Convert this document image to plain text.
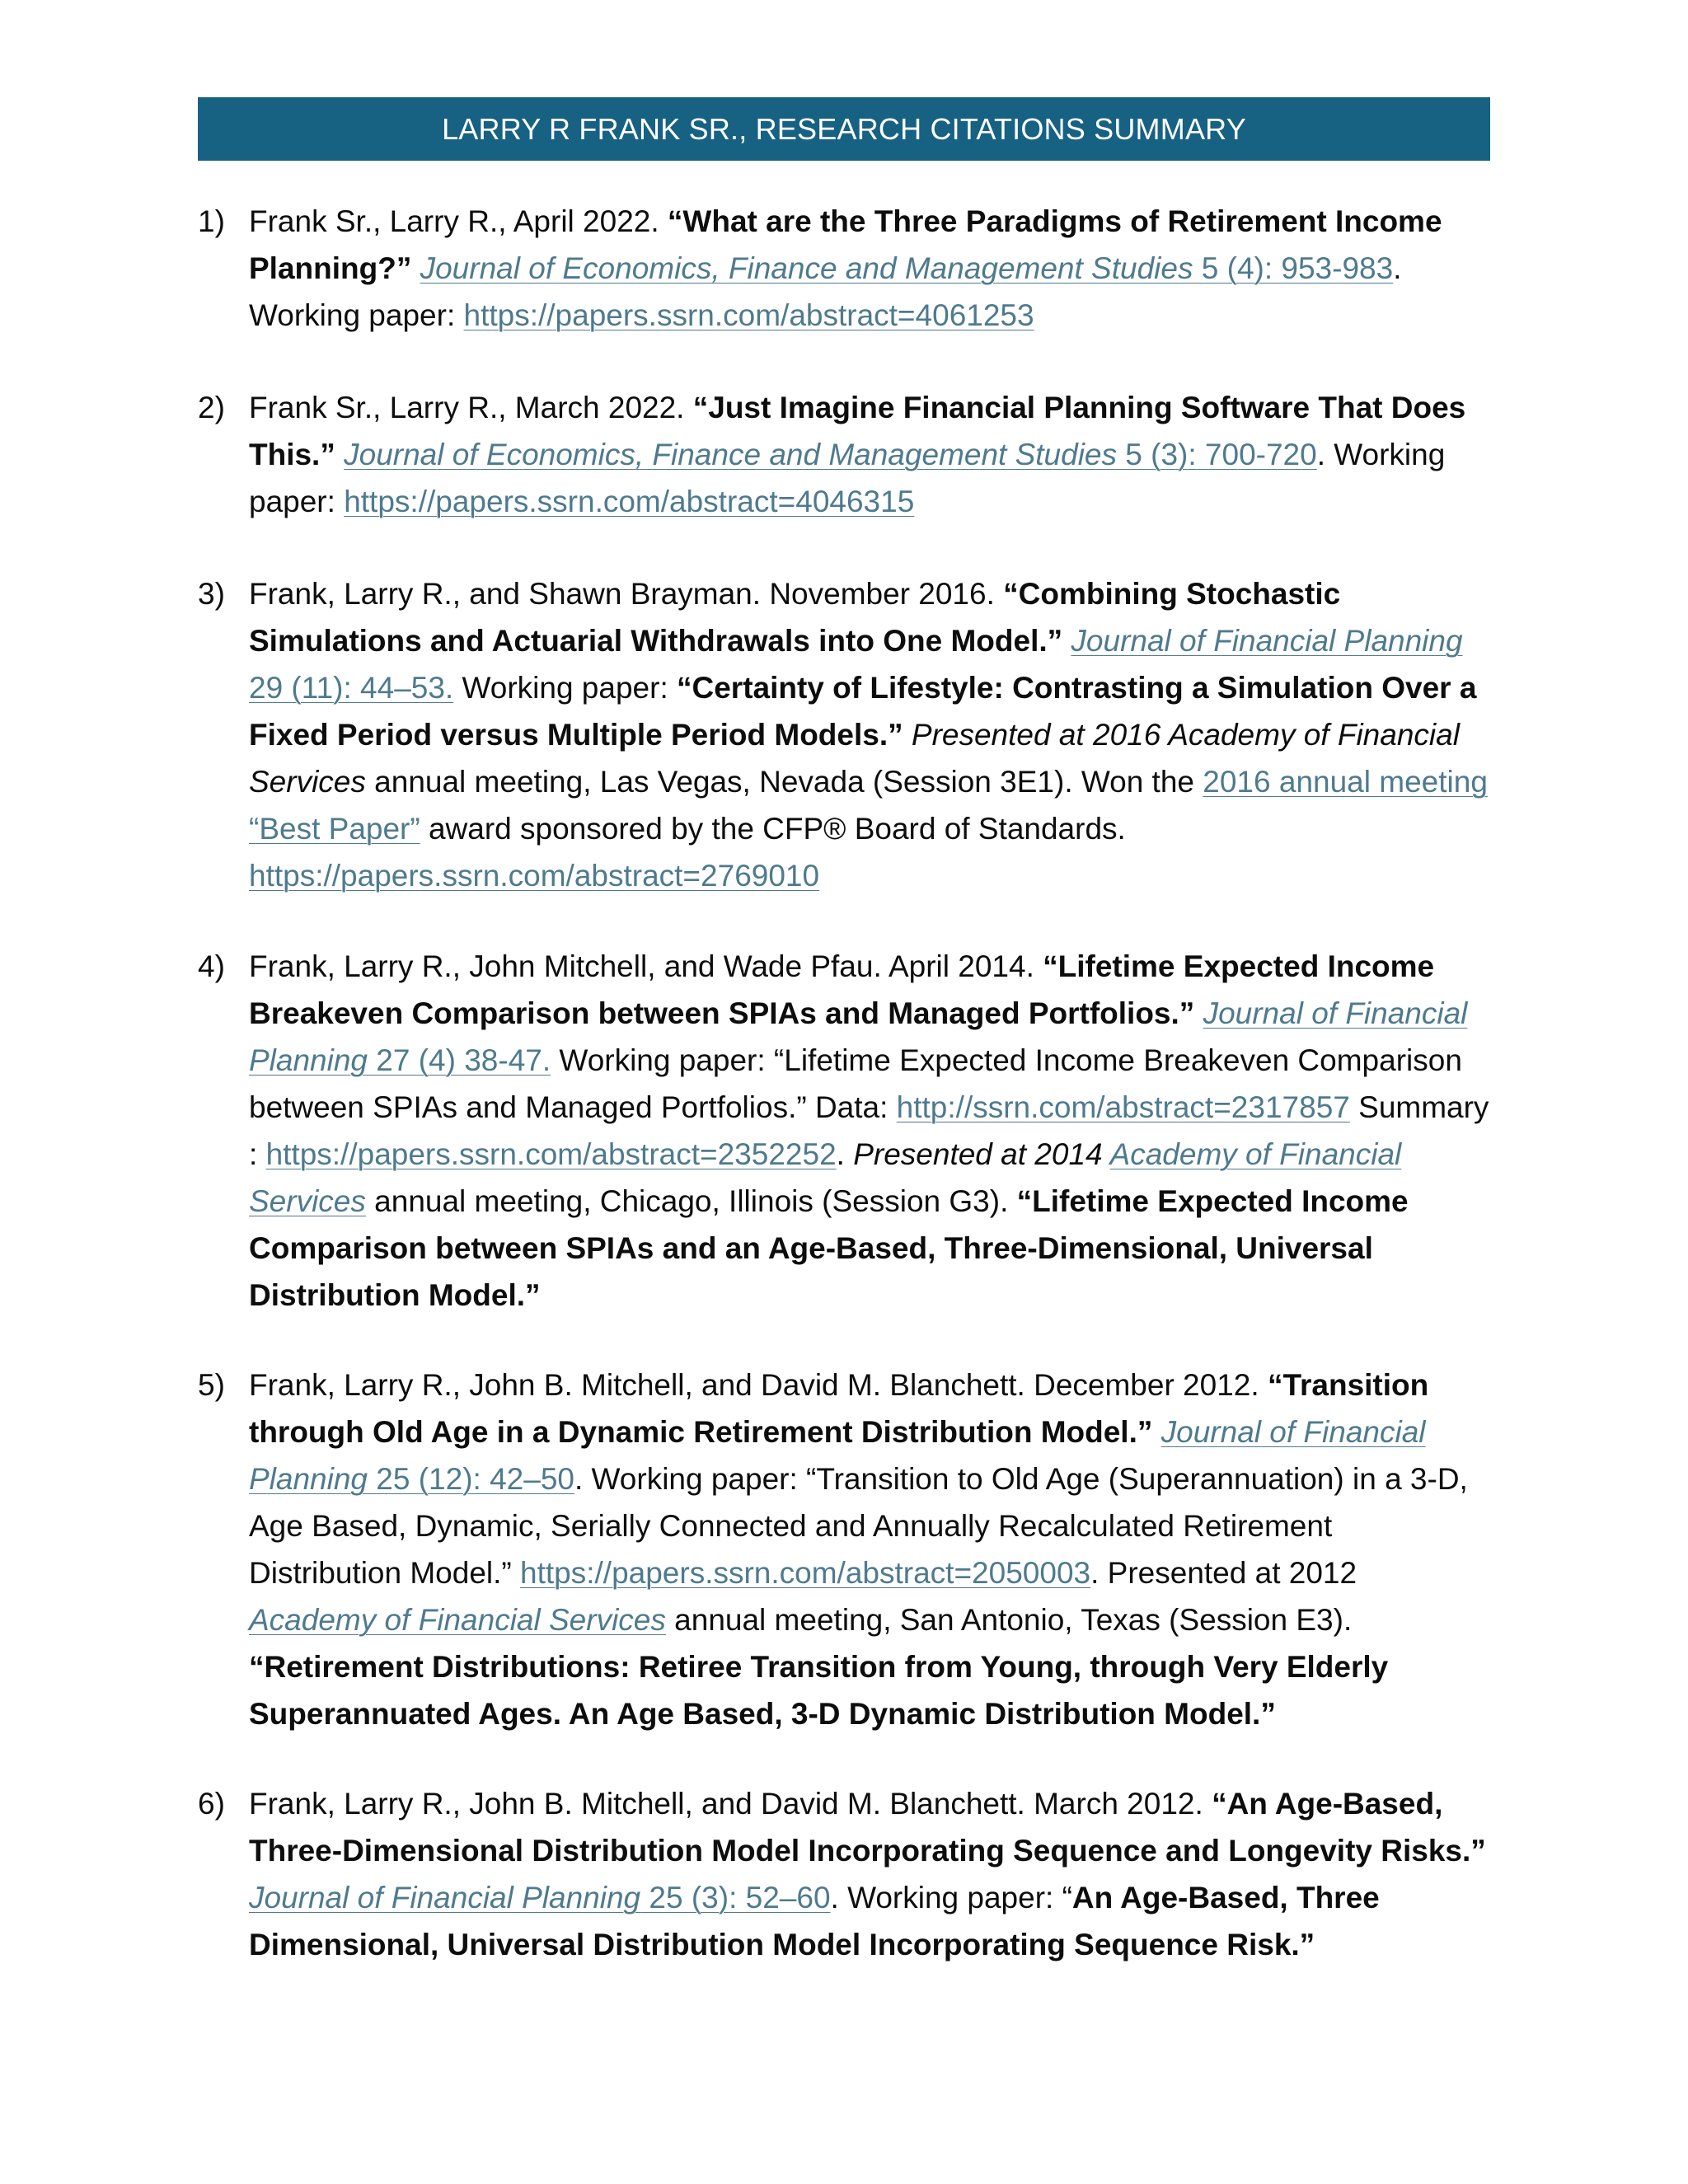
LARRY R FRANK SR., RESEARCH CITATIONS SUMMARY
1) Frank Sr., Larry R., April 2022. “What are the Three Paradigms of Retirement Income Planning?” Journal of Economics, Finance and Management Studies 5 (4): 953-983. Working paper: https://papers.ssrn.com/abstract=4061253
2) Frank Sr., Larry R., March 2022. “Just Imagine Financial Planning Software That Does This.” Journal of Economics, Finance and Management Studies 5 (3): 700-720. Working paper: https://papers.ssrn.com/abstract=4046315
3) Frank, Larry R., and Shawn Brayman. November 2016. “Combining Stochastic Simulations and Actuarial Withdrawals into One Model.” Journal of Financial Planning 29 (11): 44–53. Working paper: “Certainty of Lifestyle: Contrasting a Simulation Over a Fixed Period versus Multiple Period Models.” Presented at 2016 Academy of Financial Services annual meeting, Las Vegas, Nevada (Session 3E1). Won the 2016 annual meeting “Best Paper” award sponsored by the CFP® Board of Standards. https://papers.ssrn.com/abstract=2769010
4) Frank, Larry R., John Mitchell, and Wade Pfau. April 2014. “Lifetime Expected Income Breakeven Comparison between SPIAs and Managed Portfolios.” Journal of Financial Planning 27 (4) 38-47. Working paper: “Lifetime Expected Income Breakeven Comparison between SPIAs and Managed Portfolios.” Data: http://ssrn.com/abstract=2317857 Summary : https://papers.ssrn.com/abstract=2352252. Presented at 2014 Academy of Financial Services annual meeting, Chicago, Illinois (Session G3). “Lifetime Expected Income Comparison between SPIAs and an Age-Based, Three-Dimensional, Universal Distribution Model.”
5) Frank, Larry R., John B. Mitchell, and David M. Blanchett. December 2012. “Transition through Old Age in a Dynamic Retirement Distribution Model.” Journal of Financial Planning 25 (12): 42–50. Working paper: “Transition to Old Age (Superannuation) in a 3-D, Age Based, Dynamic, Serially Connected and Annually Recalculated Retirement Distribution Model.” https://papers.ssrn.com/abstract=2050003. Presented at 2012 Academy of Financial Services annual meeting, San Antonio, Texas (Session E3). “Retirement Distributions: Retiree Transition from Young, through Very Elderly Superannuated Ages. An Age Based, 3-D Dynamic Distribution Model.”
6) Frank, Larry R., John B. Mitchell, and David M. Blanchett. March 2012. “An Age-Based, Three-Dimensional Distribution Model Incorporating Sequence and Longevity Risks.” Journal of Financial Planning 25 (3): 52–60. Working paper: “An Age-Based, Three Dimensional, Universal Distribution Model Incorporating Sequence Risk.”
